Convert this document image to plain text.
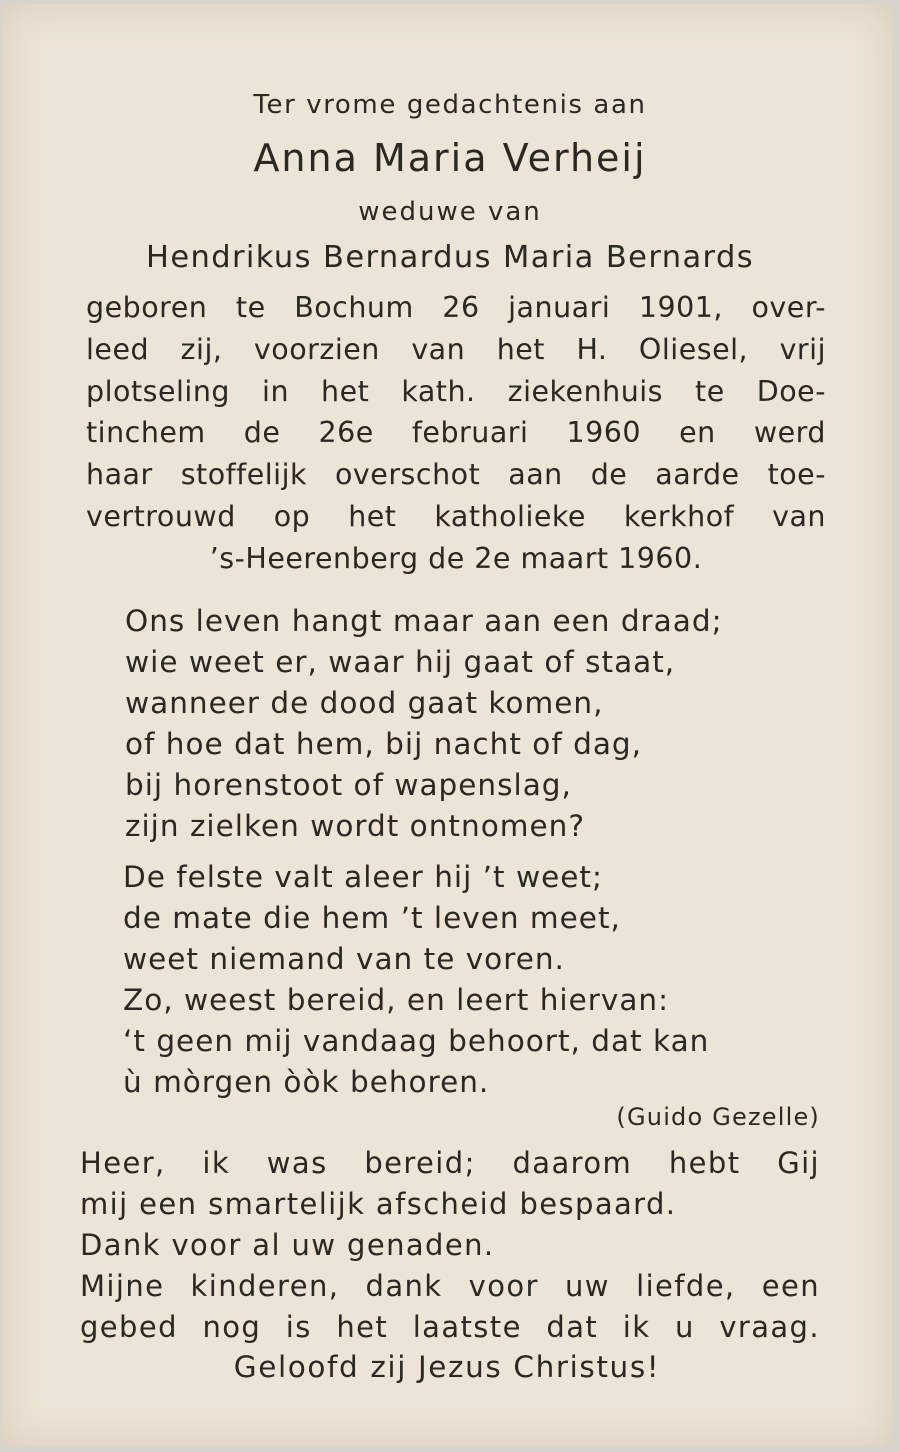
Ter vrome gedachtenis aan
Anna Maria Verheij
weduwe van
Hendrikus Bernardus Maria Bernards
geboren te Bochum 26 januari 1901, over-
leed zij, voorzien van het H. Oliesel, vrij
plotseling in het kath. ziekenhuis te Doe-
tinchem de 26e februari 1960 en werd
haar stoffelijk overschot aan de aarde toe-
vertrouwd op het katholieke kerkhof van
’s-Heerenberg de 2e maart 1960.
Ons leven hangt maar aan een draad;
wie weet er, waar hij gaat of staat,
wanneer de dood gaat komen,
of hoe dat hem, bij nacht of dag,
bij horenstoot of wapenslag,
zijn zielken wordt ontnomen?
De felste valt aleer hij ’t weet;
de mate die hem ’t leven meet,
weet niemand van te voren.
Zo, weest bereid, en leert hiervan:
‘t geen mij vandaag behoort, dat kan
ù mòrgen òòk behoren.
(Guido Gezelle)
Heer, ik was bereid; daarom hebt Gij
mij een smartelijk afscheid bespaard.
Dank voor al uw genaden.
Mijne kinderen, dank voor uw liefde, een
gebed nog is het laatste dat ik u vraag.
Geloofd zij Jezus Christus!
